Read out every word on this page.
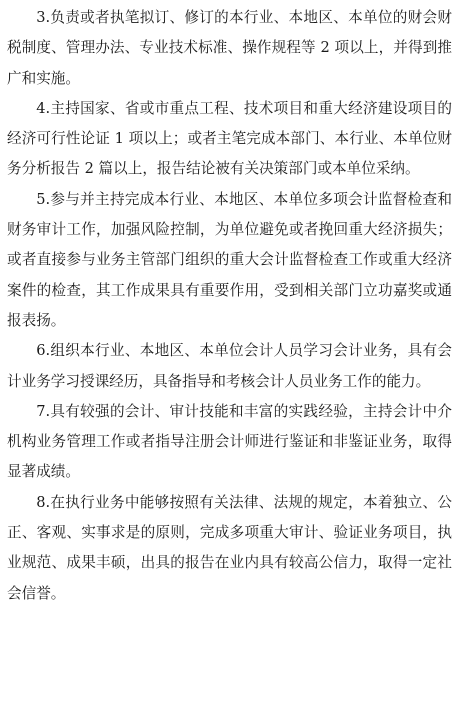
3.负责或者执笔拟订、修订的本行业、本地区、本单位的财会财税制度、管理办法、专业技术标准、操作规程等 2 项以上，并得到推广和实施。

4.主持国家、省或市重点工程、技术项目和重大经济建设项目的经济可行性论证 1 项以上；或者主笔完成本部门、本行业、本单位财务分析报告 2 篇以上，报告结论被有关决策部门或本单位采纳。

5.参与并主持完成本行业、本地区、本单位多项会计监督检查和财务审计工作，加强风险控制，为单位避免或者挽回重大经济损失；或者直接参与业务主管部门组织的重大会计监督检查工作或重大经济案件的检查，其工作成果具有重要作用，受到相关部门立功嘉奖或通报表扬。

6.组织本行业、本地区、本单位会计人员学习会计业务，具有会计业务学习授课经历，具备指导和考核会计人员业务工作的能力。

7.具有较强的会计、审计技能和丰富的实践经验，主持会计中介机构业务管理工作或者指导注册会计师进行鉴证和非鉴证业务，取得显著成绩。

8.在执行业务中能够按照有关法律、法规的规定，本着独立、公正、客观、实事求是的原则，完成多项重大审计、验证业务项目，执业规范、成果丰硕，出具的报告在业内具有较高公信力，取得一定社会信誉。
